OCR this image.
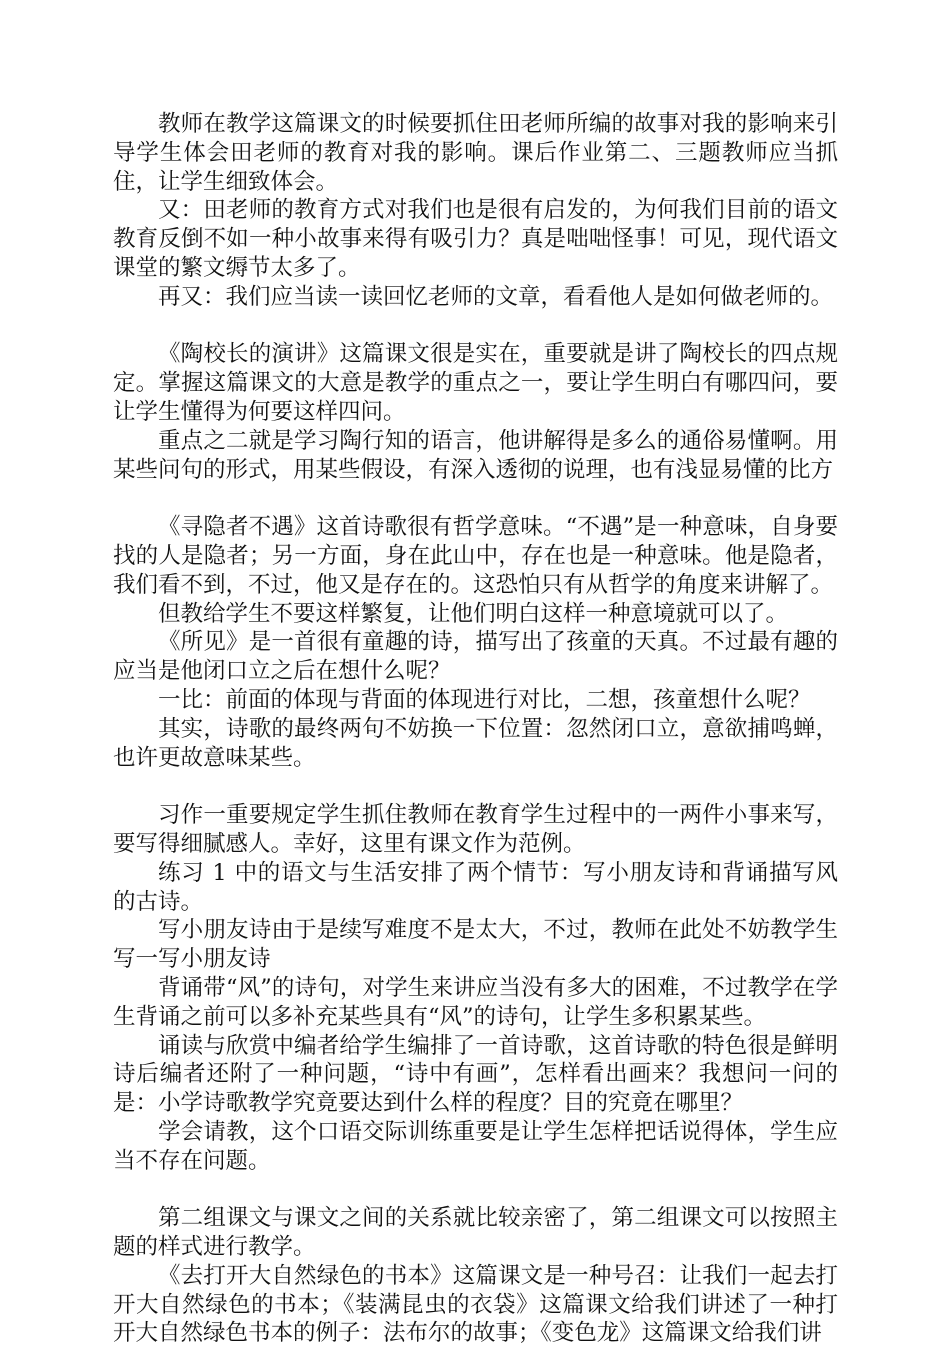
教师在教学这篇课文的时候要抓住田老师所编的故事对我的影响来引导学生体会田老师的教育对我的影响。课后作业第二、三题教师应当抓住，让学生细致体会。

又：田老师的教育方式对我们也是很有启发的，为何我们目前的语文教育反倒不如一种小故事来得有吸引力？真是咄咄怪事！可见，现代语文课堂的繁文缛节太多了。

再又：我们应当读一读回忆老师的文章，看看他人是如何做老师的。

《陶校长的演讲》这篇课文很是实在，重要就是讲了陶校长的四点规定。掌握这篇课文的大意是教学的重点之一，要让学生明白有哪四问，要让学生懂得为何要这样四问。

重点之二就是学习陶行知的语言，他讲解得是多么的通俗易懂啊。用某些问句的形式，用某些假设，有深入透彻的说理，也有浅显易懂的比方

《寻隐者不遇》这首诗歌很有哲学意味。“不遇”是一种意味，自身要找的人是隐者；另一方面，身在此山中，存在也是一种意味。他是隐者，我们看不到，不过，他又是存在的。这恐怕只有从哲学的角度来讲解了。

但教给学生不要这样繁复，让他们明白这样一种意境就可以了。

《所见》是一首很有童趣的诗，描写出了孩童的天真。不过最有趣的应当是他闭口立之后在想什么呢？

一比：前面的体现与背面的体现进行对比，二想，孩童想什么呢？

其实，诗歌的最终两句不妨换一下位置：忽然闭口立，意欲捕鸣蝉，也许更故意味某些。

习作一重要规定学生抓住教师在教育学生过程中的一两件小事来写，要写得细腻感人。幸好，这里有课文作为范例。

练习 1 中的语文与生活安排了两个情节：写小朋友诗和背诵描写风的古诗。

写小朋友诗由于是续写难度不是太大，不过，教师在此处不妨教学生写一写小朋友诗

背诵带“风”的诗句，对学生来讲应当没有多大的困难，不过教学在学生背诵之前可以多补充某些具有“风”的诗句，让学生多积累某些。

诵读与欣赏中编者给学生编排了一首诗歌，这首诗歌的特色很是鲜明诗后编者还附了一种问题，“诗中有画”，怎样看出画来？我想问一问的是：小学诗歌教学究竟要达到什么样的程度？目的究竟在哪里？

学会请教，这个口语交际训练重要是让学生怎样把话说得体，学生应当不存在问题。

第二组课文与课文之间的关系就比较亲密了，第二组课文可以按照主题的样式进行教学。

《去打开大自然绿色的书本》这篇课文是一种号召：让我们一起去打开大自然绿色的书本；《装满昆虫的衣袋》这篇课文给我们讲述了一种打开大自然绿色书本的例子：法布尔的故事；《变色龙》这篇课文给我们讲
